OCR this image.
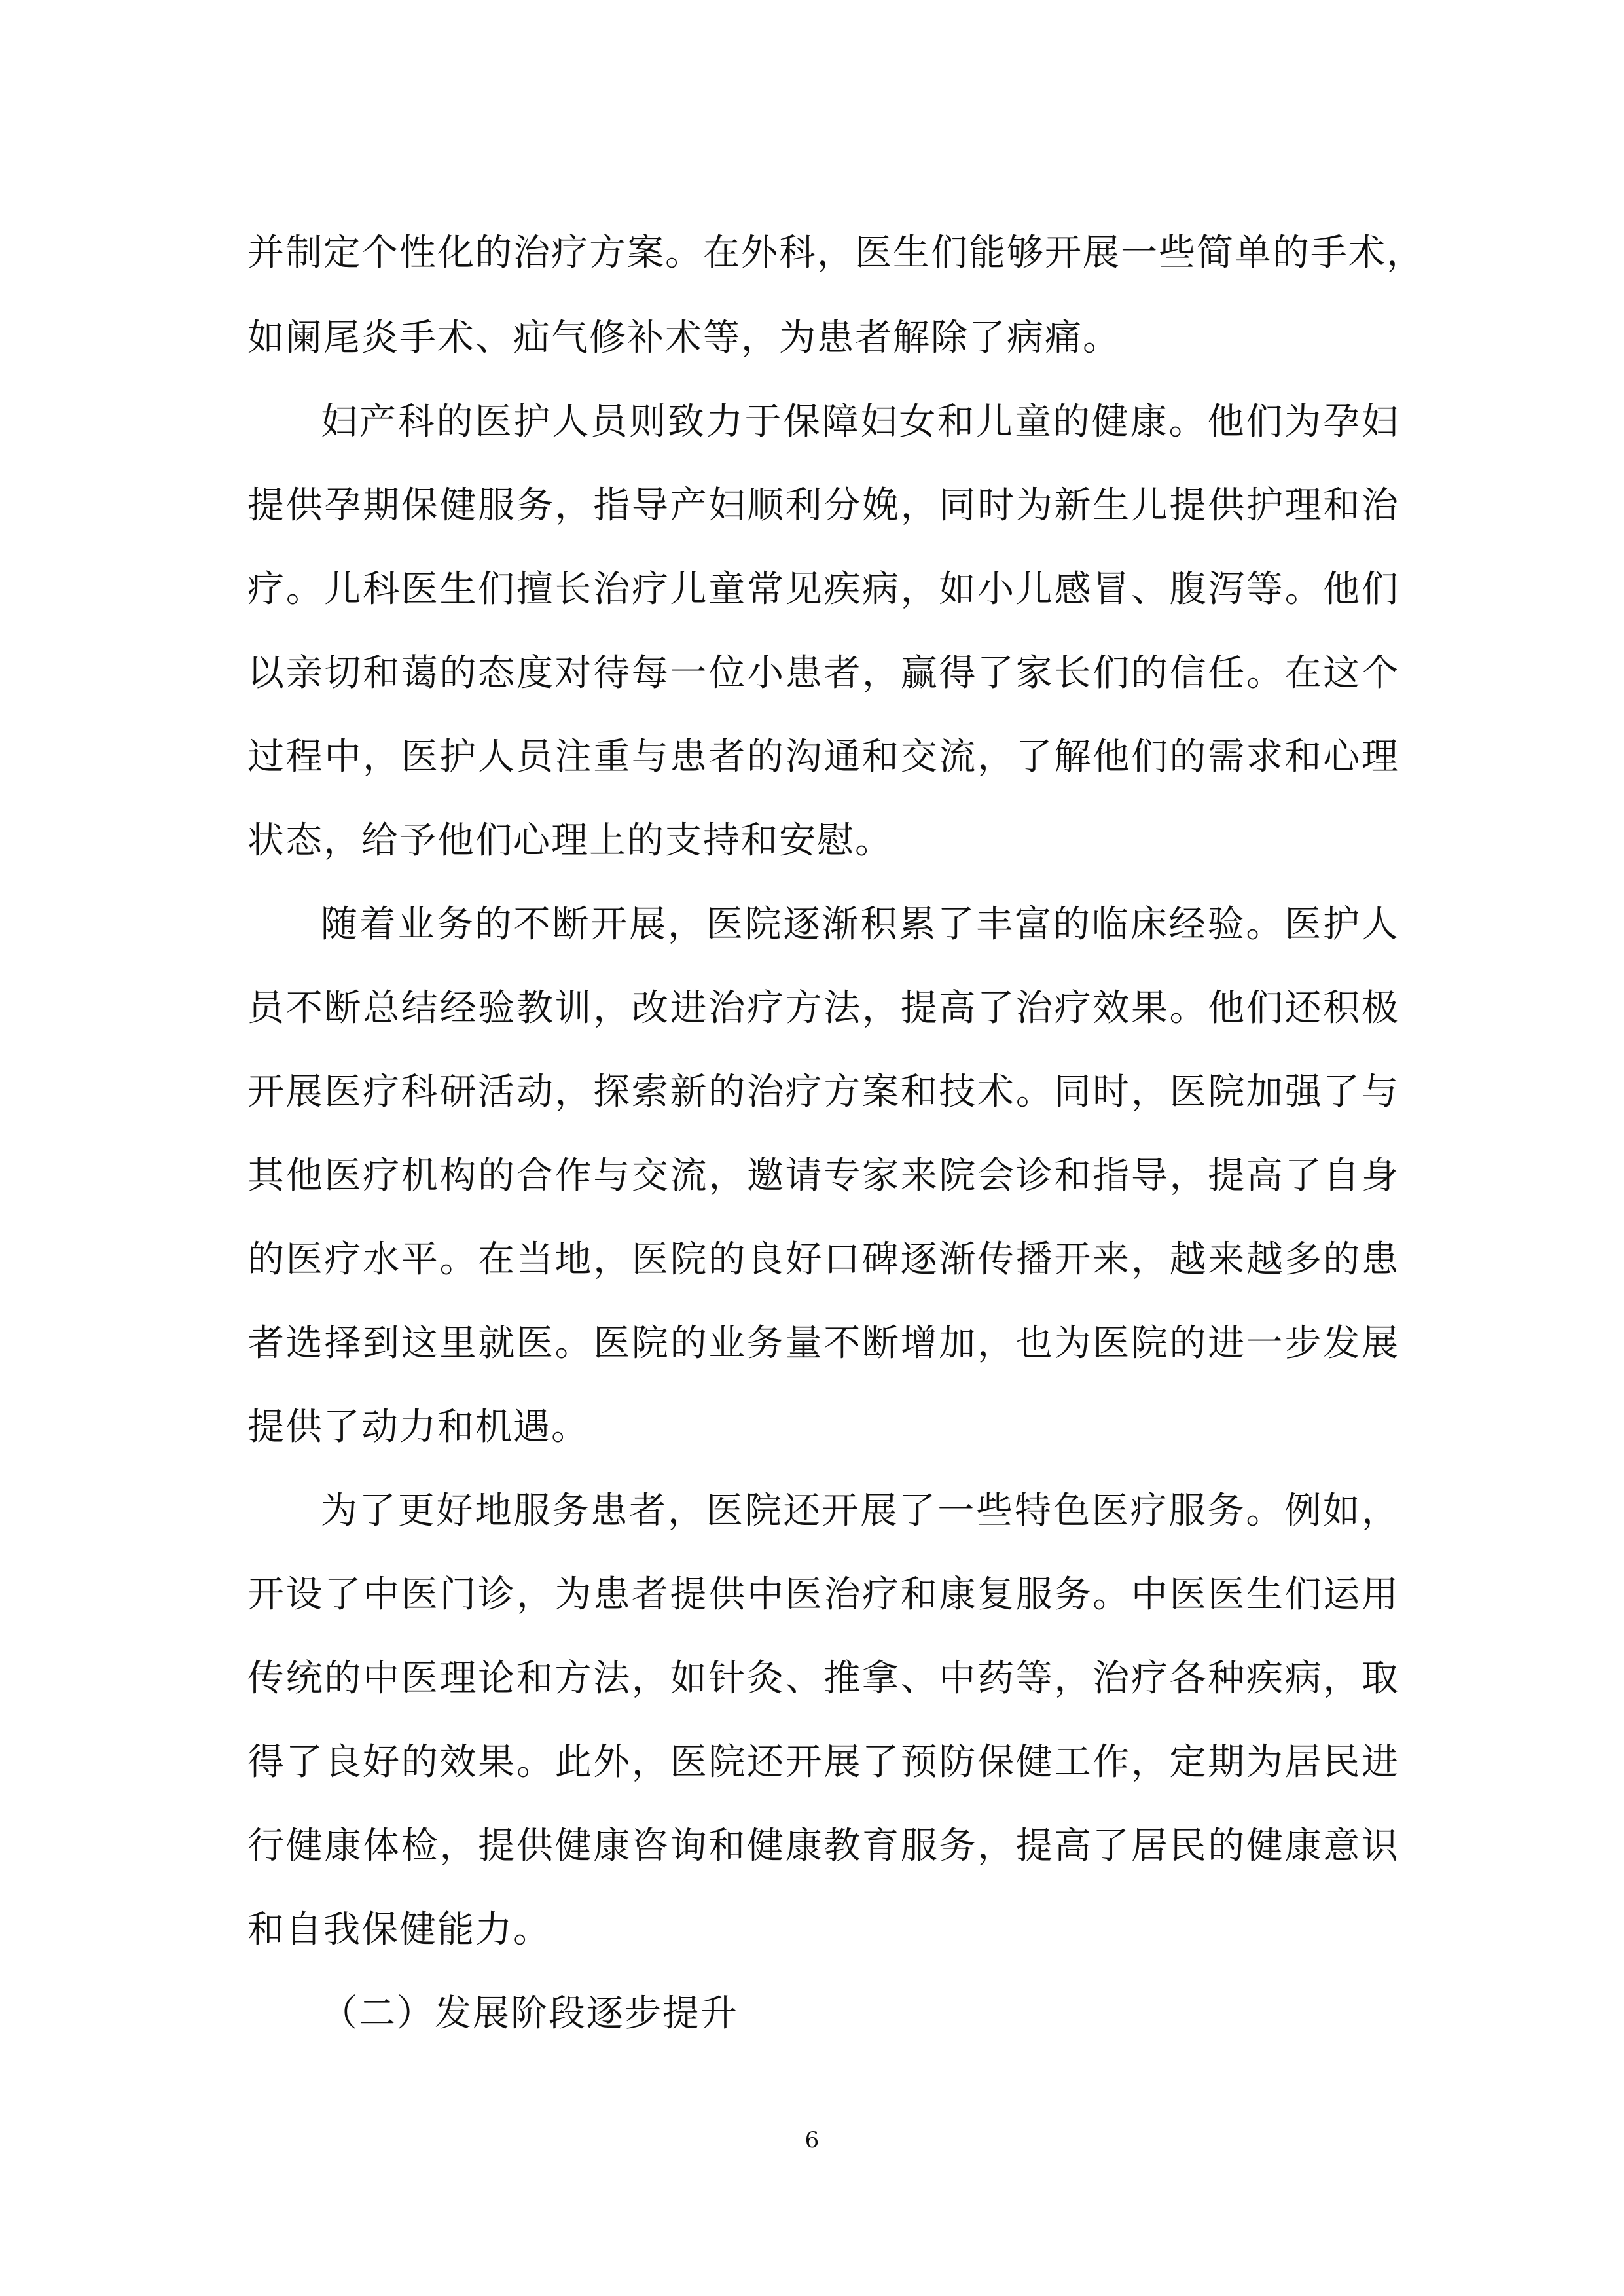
并制定个性化的治疗方案。在外科，医生们能够开展一些简单的手术，
如阑尾炎手术、疝气修补术等，为患者解除了病痛。
妇产科的医护人员则致力于保障妇女和儿童的健康。他们为孕妇
提供孕期保健服务，指导产妇顺利分娩，同时为新生儿提供护理和治
疗。儿科医生们擅长治疗儿童常见疾病，如小儿感冒、腹泻等。他们
以亲切和蔼的态度对待每一位小患者，赢得了家长们的信任。在这个
过程中，医护人员注重与患者的沟通和交流，了解他们的需求和心理
状态，给予他们心理上的支持和安慰。
随着业务的不断开展，医院逐渐积累了丰富的临床经验。医护人
员不断总结经验教训，改进治疗方法，提高了治疗效果。他们还积极
开展医疗科研活动，探索新的治疗方案和技术。同时，医院加强了与
其他医疗机构的合作与交流，邀请专家来院会诊和指导，提高了自身
的医疗水平。在当地，医院的良好口碑逐渐传播开来，越来越多的患
者选择到这里就医。医院的业务量不断增加，也为医院的进一步发展
提供了动力和机遇。
为了更好地服务患者，医院还开展了一些特色医疗服务。例如，
开设了中医门诊，为患者提供中医治疗和康复服务。中医医生们运用
传统的中医理论和方法，如针灸、推拿、中药等，治疗各种疾病，取
得了良好的效果。此外，医院还开展了预防保健工作，定期为居民进
行健康体检，提供健康咨询和健康教育服务，提高了居民的健康意识
和自我保健能力。
（二）发展阶段逐步提升
6
